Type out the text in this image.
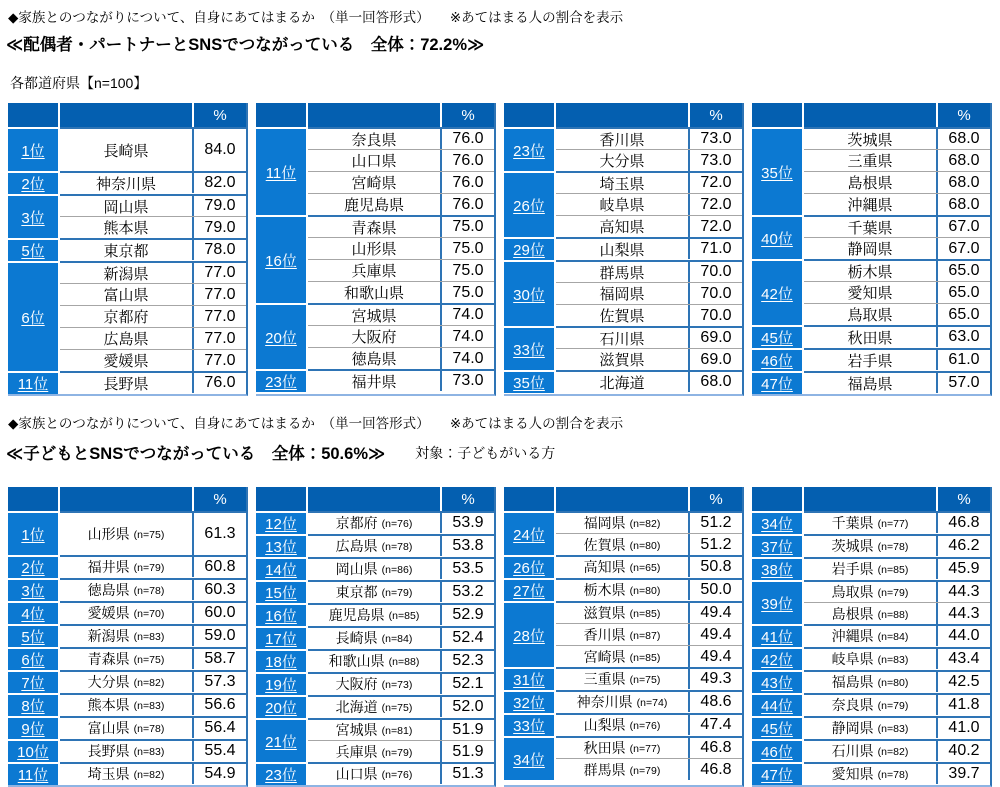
◆家族とのつながりについて、自身にあてはまるか　（単一回答形式）　　※あてはまる人の割合を表示
≪配偶者・パートナーとSNSでつながっている　全体：72.2%≫
各都道府県【n=100】
%
1位	長崎県	84.0
2位	神奈川県	82.0
3位
岡山県	79.0
熊本県	79.0
5位	東京都	78.0
6位
新潟県	77.0
富山県	77.0
京都府	77.0
広島県	77.0
愛媛県	77.0
11位	長野県	76.0
%
11位
奈良県	76.0
山口県	76.0
宮崎県	76.0
鹿児島県	76.0
16位
青森県	75.0
山形県	75.0
兵庫県	75.0
和歌山県	75.0
20位
宮城県	74.0
大阪府	74.0
徳島県	74.0
23位	福井県	73.0
%
23位
香川県	73.0
大分県	73.0
26位
埼玉県	72.0
岐阜県	72.0
高知県	72.0
29位	山梨県	71.0
30位
群馬県	70.0
福岡県	70.0
佐賀県	70.0
33位
石川県	69.0
滋賀県	69.0
35位	北海道	68.0
%
35位
茨城県	68.0
三重県	68.0
島根県	68.0
沖縄県	68.0
40位
千葉県	67.0
静岡県	67.0
42位
栃木県	65.0
愛知県	65.0
鳥取県	65.0
45位	秋田県	63.0
46位	岩手県	61.0
47位	福島県	57.0
◆家族とのつながりについて、自身にあてはまるか　（単一回答形式）　　※あてはまる人の割合を表示
≪子どもとSNSでつながっている　全体：50.6%≫ 対象：子どもがいる方
%
1位	山形県 (n=75)	61.3
2位	福井県 (n=79)	60.8
3位	徳島県 (n=78)	60.3
4位	愛媛県 (n=70)	60.0
5位	新潟県 (n=83)	59.0
6位	青森県 (n=75)	58.7
7位	大分県 (n=82)	57.3
8位	熊本県 (n=83)	56.6
9位	富山県 (n=78)	56.4
10位	長野県 (n=83)	55.4
11位	埼玉県 (n=82)	54.9
%
12位	京都府 (n=76)	53.9
13位	広島県 (n=78)	53.8
14位	岡山県 (n=86)	53.5
15位	東京都 (n=79)	53.2
16位	鹿児島県 (n=85)	52.9
17位	長崎県 (n=84)	52.4
18位	和歌山県 (n=88)	52.3
19位	大阪府 (n=73)	52.1
20位	北海道 (n=75)	52.0
21位
宮城県 (n=81)	51.9
兵庫県 (n=79)	51.9
23位	山口県 (n=76)	51.3
%
24位
福岡県 (n=82)	51.2
佐賀県 (n=80)	51.2
26位	高知県 (n=65)	50.8
27位	栃木県 (n=80)	50.0
28位
滋賀県 (n=85)	49.4
香川県 (n=87)	49.4
宮崎県 (n=85)	49.4
31位	三重県 (n=75)	49.3
32位	神奈川県 (n=74)	48.6
33位	山梨県 (n=76)	47.4
34位
秋田県 (n=77)	46.8
群馬県 (n=79)	46.8
%
34位	千葉県 (n=77)	46.8
37位	茨城県 (n=78)	46.2
38位	岩手県 (n=85)	45.9
39位
鳥取県 (n=79)	44.3
島根県 (n=88)	44.3
41位	沖縄県 (n=84)	44.0
42位	岐阜県 (n=83)	43.4
43位	福島県 (n=80)	42.5
44位	奈良県 (n=79)	41.8
45位	静岡県 (n=83)	41.0
46位	石川県 (n=82)	40.2
47位	愛知県 (n=78)	39.7
